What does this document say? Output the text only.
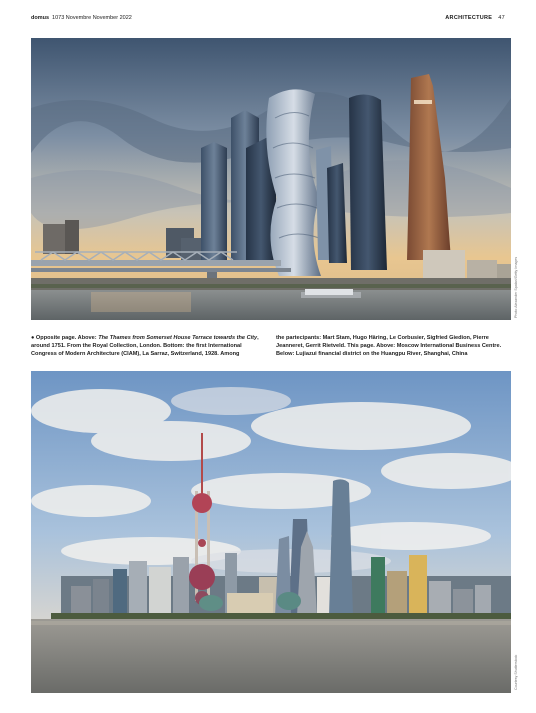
domus 1073 Novembre November 2022	ARCHITECTURE 47
Photo Alexander Spatari/Getty Images
● Opposite page. Above: The Thames from Somerset House Terrace towards the City, around 1751. From the Royal Collection, London. Bottom: the first International Congress of Modern Architecture (CIAM), La Sarraz, Switzerland, 1928. Among
the partecipants: Mart Stam, Hugo Häring, Le Corbusier, Sigfried Giedion, Pierre Jeanneret, Gerrit Rietveld. This page. Above: Moscow International Business Centre. Below: Lujiazui financial district on the Huangpu River, Shanghai, China
Courtesy Shutterstock
